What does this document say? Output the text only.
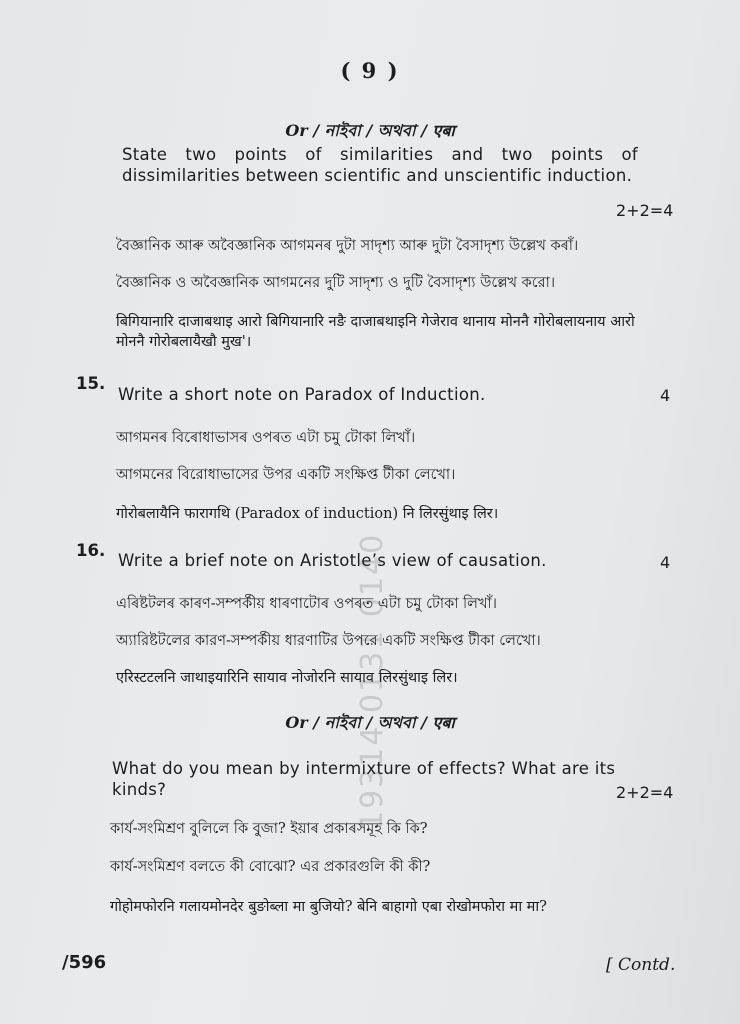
19314 0131 0140
( 9 )
Or / নাইবা / অথবা / एबा
State two points of similarities and two points of dissimilarities between scientific and unscientific induction.
2+2=4
বৈজ্ঞানিক আৰু অবৈজ্ঞানিক আগমনৰ দুটা সাদৃশ্য আৰু দুটা বৈসাদৃশ্য উল্লেখ কৰাঁ।
বৈজ্ঞানিক ও অবৈজ্ঞানিক আগমনের দুটি সাদৃশ্য ও দুটি বৈসাদৃশ্য উল্লেখ করো।
बिगियानारि दाजाबथाइ आरो बिगियानारि नङै दाजाबथाइनि गेजेराव थानाय मोननै गोरोबलायनाय आरो मोननै गोरोबलायैखौ मुख'।
15.
Write a short note on Paradox of Induction.	4
আগমনৰ বিৰোধাভাসৰ ওপৰত এটা চমু টোকা লিখাঁ।
আগমনের বিরোধাভাসের উপর একটি সংক্ষিপ্ত টীকা লেখো।
गोरोबलायैनि फारागथि (Paradox of induction) नि लिरसुंथाइ लिर।
16.
Write a brief note on Aristotle’s view of causation.	4
এৰিষ্টটলৰ কাৰণ-সম্পৰ্কীয় ধাৰণাটোৰ ওপৰত এটা চমু টোকা লিখাঁ।
অ্যারিষ্টটলের কারণ-সম্পর্কীয় ধারণাটির উপরে একটি সংক্ষিপ্ত টীকা লেখো।
एरिस्टटलनि जाथाइयारिनि सायाव नोजोरनि सायाव लिरसुंथाइ लिर।
Or / নাইবা / অথবা / एबा
What do you mean by intermixture of effects? What are its kinds?	2+2=4
কাৰ্য-সংমিশ্ৰণ বুলিলে কি বুজা? ইয়াৰ প্ৰকাৰসমূহ কি কি?
কার্য-সংমিশ্রণ বলতে কী বোঝো? এর প্রকারগুলি কী কী?
गोहोमफोरनि गलायमोनदेर बुङोब्ला मा बुजियो? बेनि बाहागो एबा रोखोमफोरा मा मा?
/596	[ Contd.
